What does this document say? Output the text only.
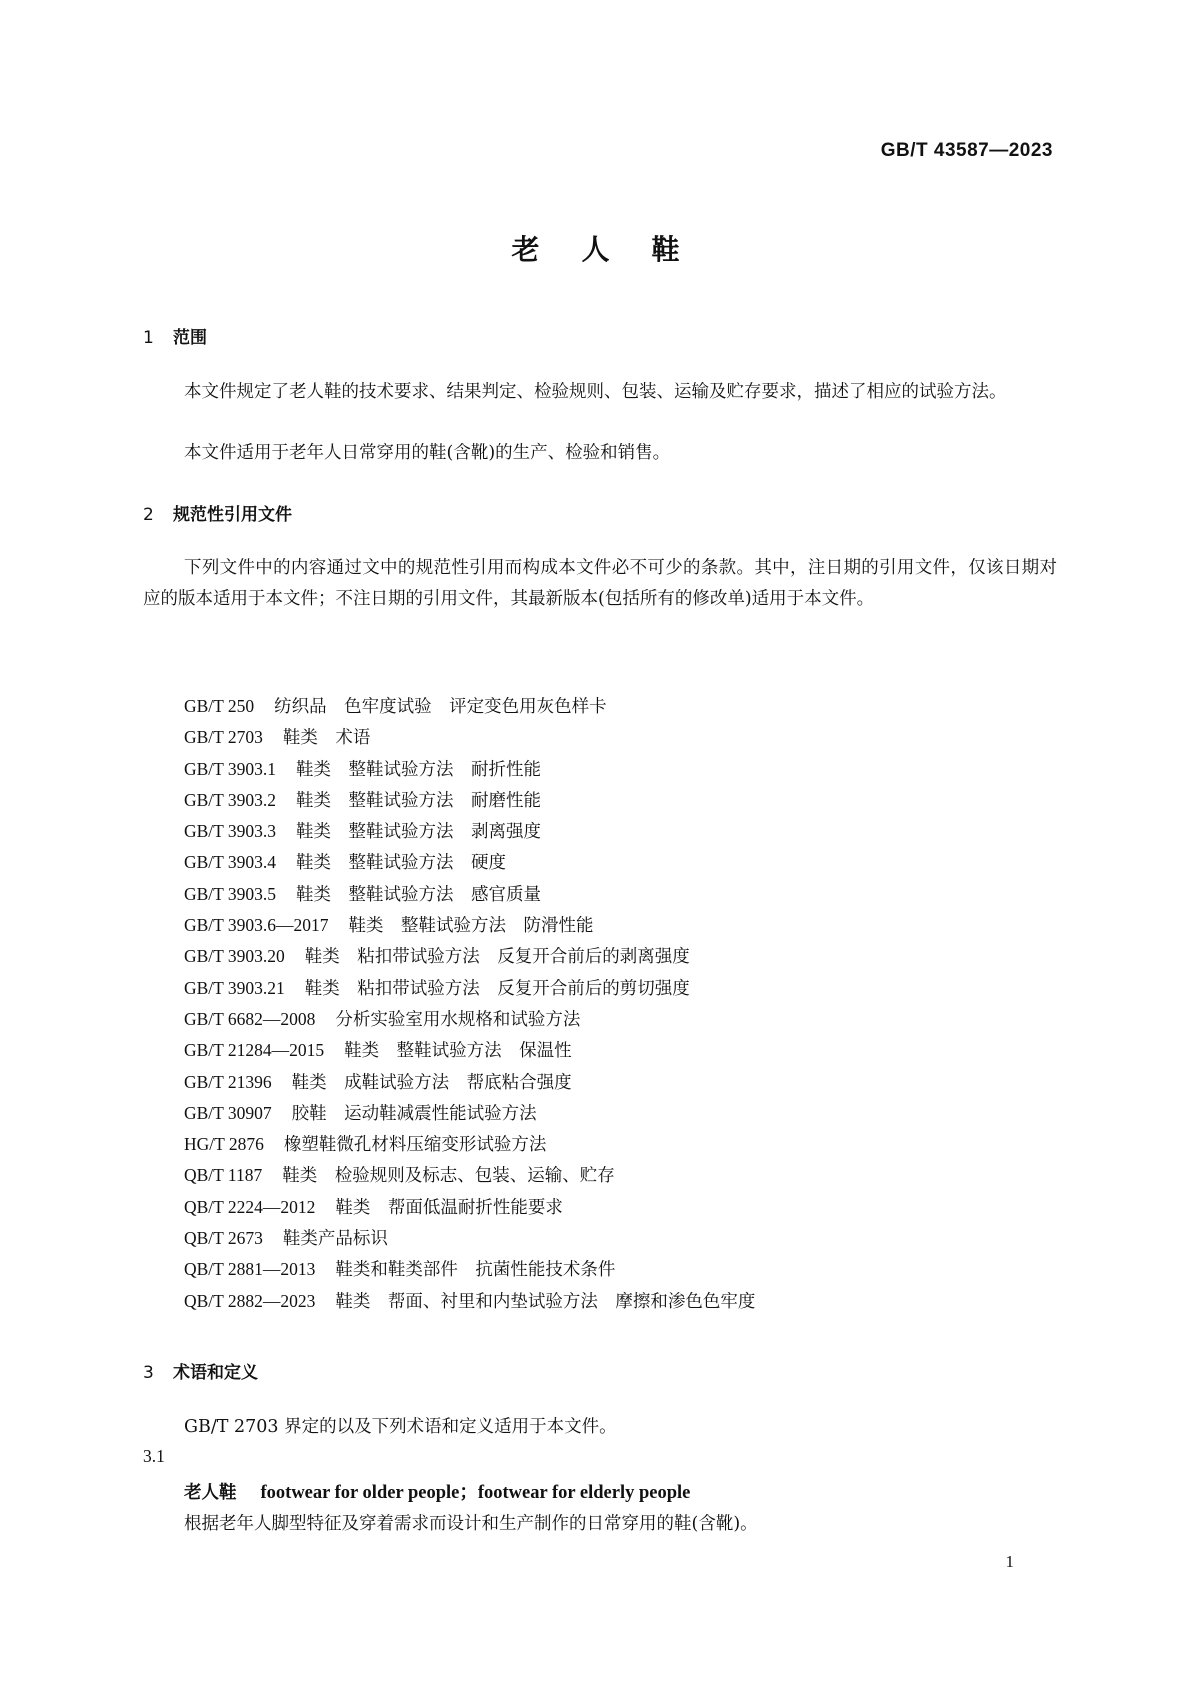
GB/T 43587—2023
老人鞋
1 范围
本文件规定了老人鞋的技术要求、结果判定、检验规则、包装、运输及贮存要求，描述了相应的试验方法。
本文件适用于老年人日常穿用的鞋(含靴)的生产、检验和销售。
2 规范性引用文件
下列文件中的内容通过文中的规范性引用而构成本文件必不可少的条款。其中，注日期的引用文件，仅该日期对应的版本适用于本文件；不注日期的引用文件，其最新版本(包括所有的修改单)适用于本文件。
GB/T 250 纺织品　色牢度试验　评定变色用灰色样卡
GB/T 2703 鞋类　术语
GB/T 3903.1 鞋类　整鞋试验方法　耐折性能
GB/T 3903.2 鞋类　整鞋试验方法　耐磨性能
GB/T 3903.3 鞋类　整鞋试验方法　剥离强度
GB/T 3903.4 鞋类　整鞋试验方法　硬度
GB/T 3903.5 鞋类　整鞋试验方法　感官质量
GB/T 3903.6—2017 鞋类　整鞋试验方法　防滑性能
GB/T 3903.20 鞋类　粘扣带试验方法　反复开合前后的剥离强度
GB/T 3903.21 鞋类　粘扣带试验方法　反复开合前后的剪切强度
GB/T 6682—2008 分析实验室用水规格和试验方法
GB/T 21284—2015 鞋类　整鞋试验方法　保温性
GB/T 21396 鞋类　成鞋试验方法　帮底粘合强度
GB/T 30907 胶鞋　运动鞋减震性能试验方法
HG/T 2876 橡塑鞋微孔材料压缩变形试验方法
QB/T 1187 鞋类　检验规则及标志、包装、运输、贮存
QB/T 2224—2012 鞋类　帮面低温耐折性能要求
QB/T 2673 鞋类产品标识
QB/T 2881—2013 鞋类和鞋类部件　抗菌性能技术条件
QB/T 2882—2023 鞋类　帮面、衬里和内垫试验方法　摩擦和渗色色牢度
3 术语和定义
GB/T 2703 界定的以及下列术语和定义适用于本文件。
3.1
老人鞋 footwear for older people；footwear for elderly people
根据老年人脚型特征及穿着需求而设计和生产制作的日常穿用的鞋(含靴)。
1
